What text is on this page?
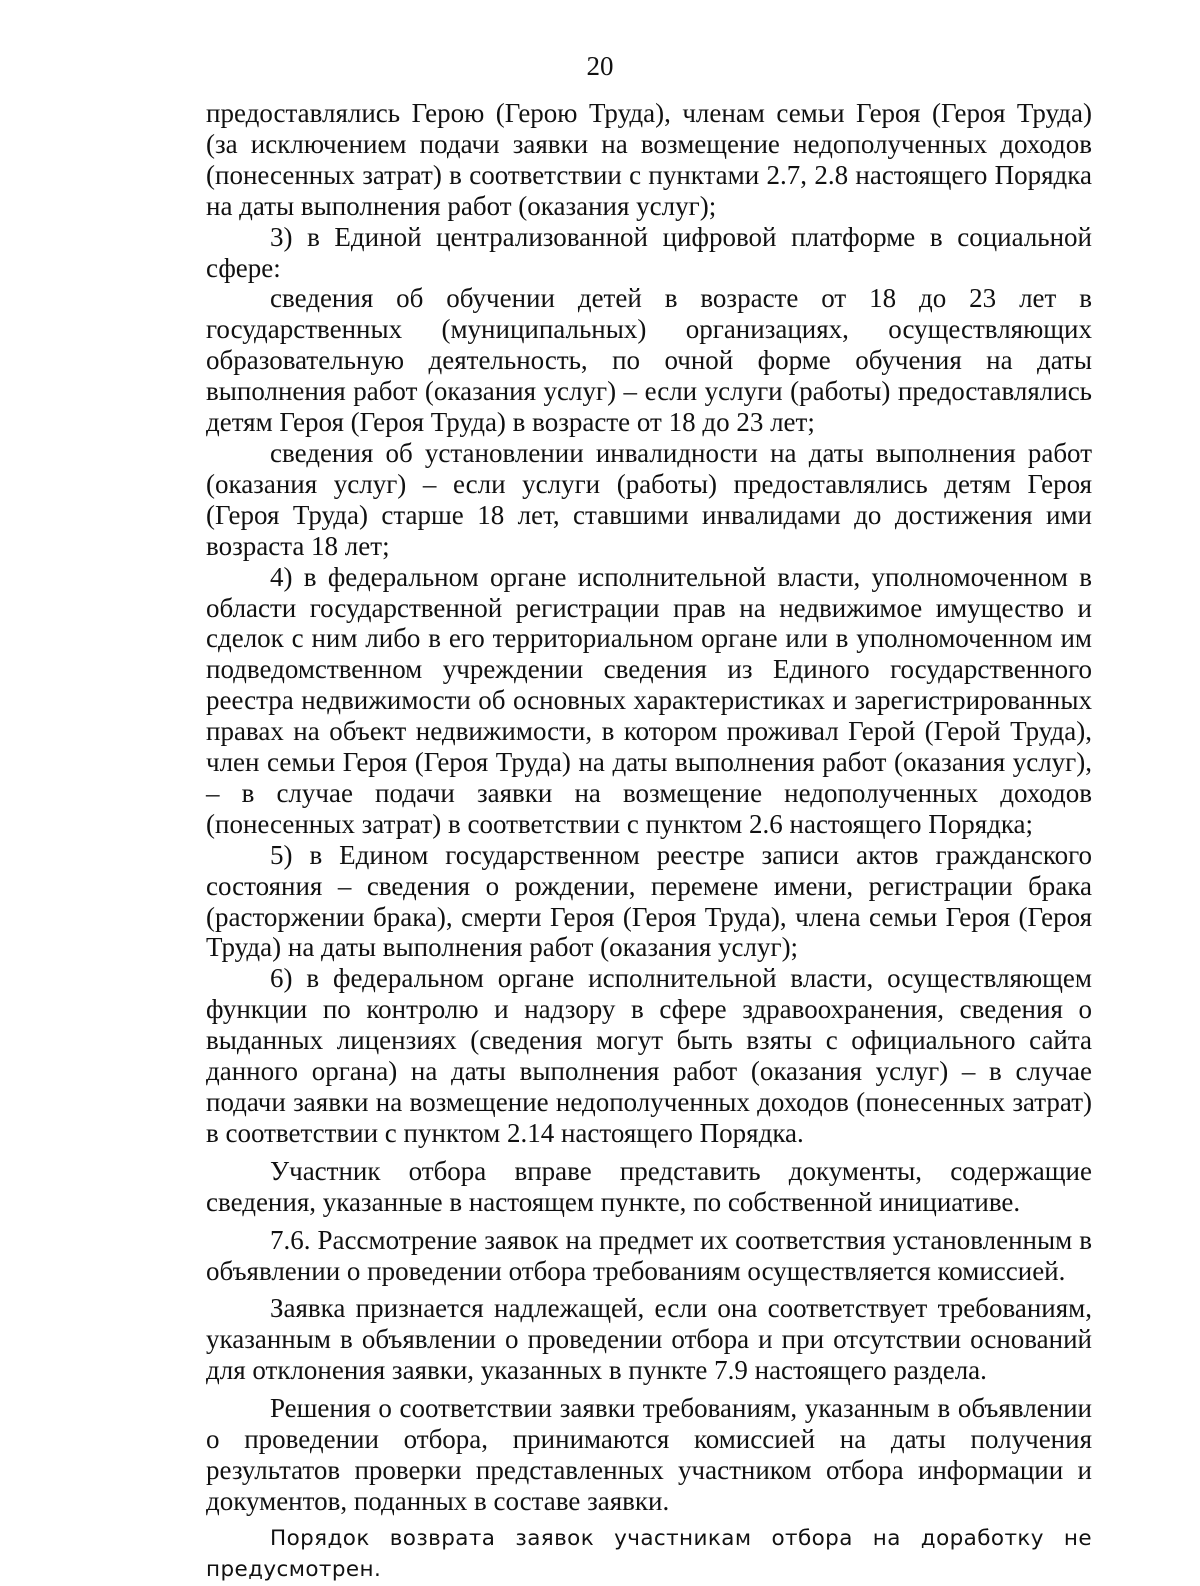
20

предоставлялись Герою (Герою Труда), членам семьи Героя (Героя Труда) (за исключением подачи заявки на возмещение недополученных доходов (понесенных затрат) в соответствии с пунктами 2.7, 2.8 настоящего Порядка на даты выполнения работ (оказания услуг);

3) в Единой централизованной цифровой платформе в социальной сфере:

сведения об обучении детей в возрасте от 18 до 23 лет в государственных (муниципальных) организациях, осуществляющих образовательную деятельность, по очной форме обучения на даты выполнения работ (оказания услуг) – если услуги (работы) предоставлялись детям Героя (Героя Труда) в возрасте от 18 до 23 лет;

сведения об установлении инвалидности на даты выполнения работ (оказания услуг) – если услуги (работы) предоставлялись детям Героя (Героя Труда) старше 18 лет, ставшими инвалидами до достижения ими возраста 18 лет;

4) в федеральном органе исполнительной власти, уполномоченном в области государственной регистрации прав на недвижимое имущество и сделок с ним либо в его территориальном органе или в уполномоченном им подведомственном учреждении сведения из Единого государственного реестра недвижимости об основных характеристиках и зарегистрированных правах на объект недвижимости, в котором проживал Герой (Герой Труда), член семьи Героя (Героя Труда) на даты выполнения работ (оказания услуг), – в случае подачи заявки на возмещение недополученных доходов (понесенных затрат) в соответствии с пунктом 2.6 настоящего Порядка;

5) в Едином государственном реестре записи актов гражданского состояния – сведения о рождении, перемене имени, регистрации брака (расторжении брака), смерти Героя (Героя Труда), члена семьи Героя (Героя Труда) на даты выполнения работ (оказания услуг);

6) в федеральном органе исполнительной власти, осуществляющем функции по контролю и надзору в сфере здравоохранения, сведения о выданных лицензиях (сведения могут быть взяты с официального сайта данного органа) на даты выполнения работ (оказания услуг) – в случае подачи заявки на возмещение недополученных доходов (понесенных затрат) в соответствии с пунктом 2.14 настоящего Порядка.

Участник отбора вправе представить документы, содержащие сведения, указанные в настоящем пункте, по собственной инициативе.

7.6. Рассмотрение заявок на предмет их соответствия установленным в объявлении о проведении отбора требованиям осуществляется комиссией.

Заявка признается надлежащей, если она соответствует требованиям, указанным в объявлении о проведении отбора и при отсутствии оснований для отклонения заявки, указанных в пункте 7.9 настоящего раздела.

Решения о соответствии заявки требованиям, указанным в объявлении о проведении отбора, принимаются комиссией на даты получения результатов проверки представленных участником отбора информации и документов, поданных в составе заявки.

Порядок возврата заявок участникам отбора на доработку не предусмотрен.
